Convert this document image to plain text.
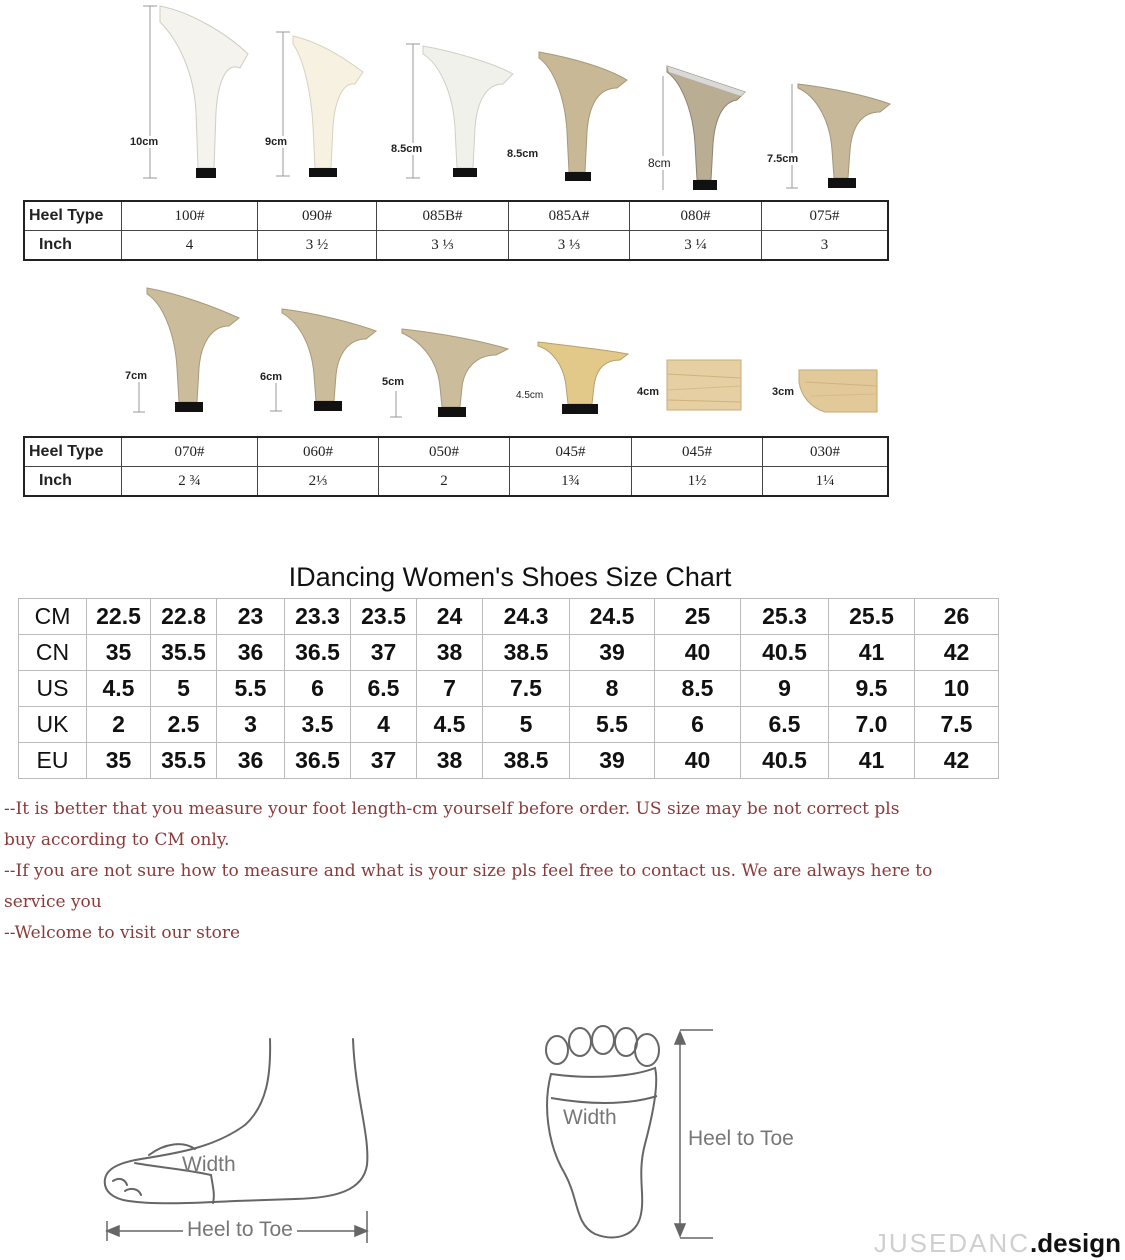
10cm	9cm
8.5cm	8.5cm
8cm	7.5cm
Heel Type	100#	090#	085B#	085A#	080#	075#
Inch	4	3 ½	3 ⅓	3 ⅓	3 ¼	3
7cm	6cm	5cm
4.5cm	4cm	3cm
Heel Type	070#	060#	050#	045#	045#	030#
Inch	2 ¾	2⅓	2	1¾	1½	1¼
IDancing Women's Shoes Size Chart
CM	22.5	22.8	23	23.3	23.5	24	24.3	24.5	25	25.3	25.5	26
CN	35	35.5	36	36.5	37	38	38.5	39	40	40.5	41	42
US	4.5	5	5.5	6	6.5	7	7.5	8	8.5	9	9.5	10
UK	2	2.5	3	3.5	4	4.5	5	5.5	6	6.5	7.0	7.5
EU	35	35.5	36	36.5	37	38	38.5	39	40	40.5	41	42
--It is better that you measure your foot length-cm yourself before order. US size may be not correct pls
buy according to CM only.
--If you are not sure how to measure and what is your size pls feel free to contact us. We are always here to
service you
--Welcome to visit our store
Width
Heel to Toe
Width
Heel to Toe
JUSEDANC.design
